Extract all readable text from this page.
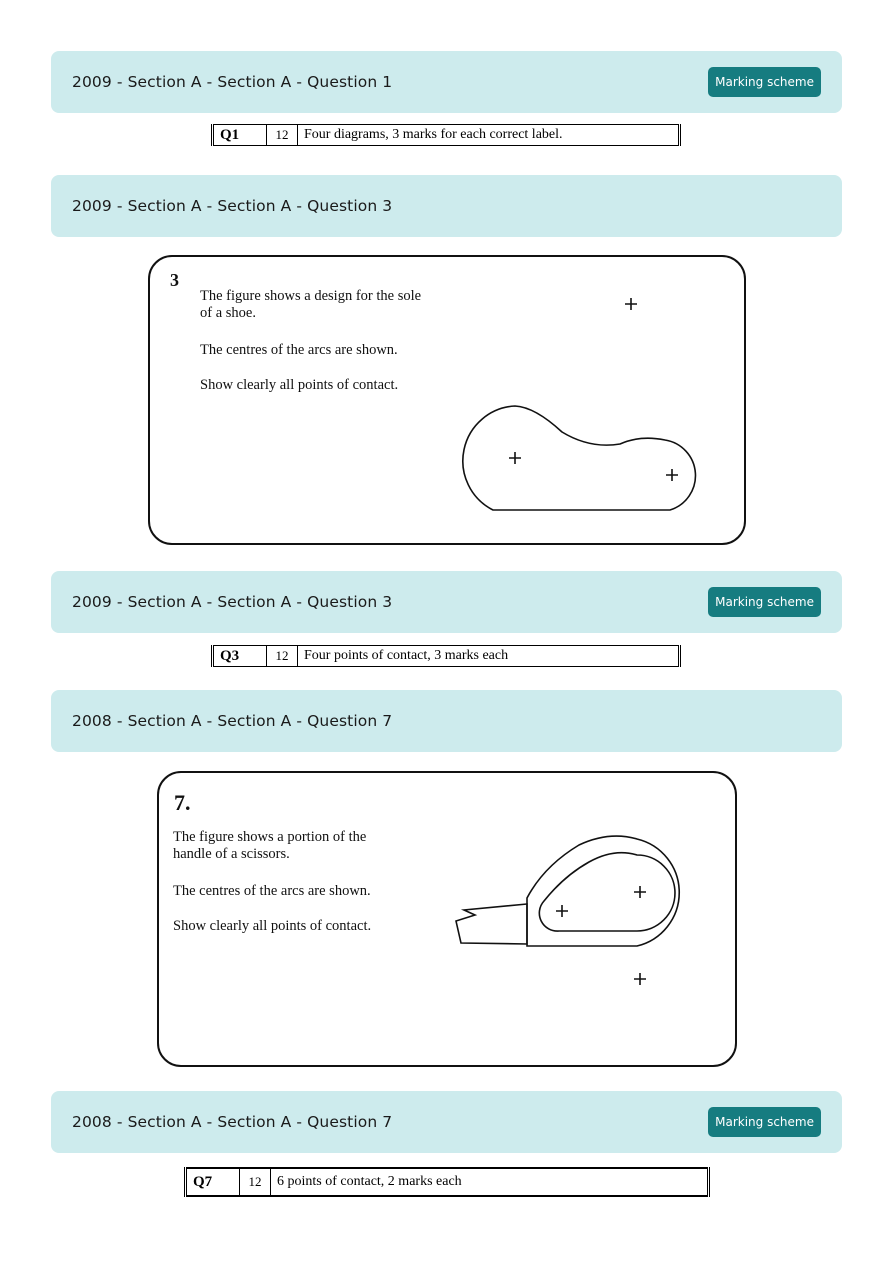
2009 - Section A - Section A - Question 1	Marking scheme
Q1	12	Four diagrams, 3 marks for each correct label.
2009 - Section A - Section A - Question 3
3
The figure shows a design for the sole of a shoe.
The centres of the arcs are shown.
Show clearly all points of contact.
2009 - Section A - Section A - Question 3	Marking scheme
Q3	12	Four points of contact, 3 marks each
2008 - Section A - Section A - Question 7
7.
The figure shows a portion of the handle of a scissors.
The centres of the arcs are shown.
Show clearly all points of contact.
2008 - Section A - Section A - Question 7	Marking scheme
Q7	12	6 points of contact, 2 marks each
